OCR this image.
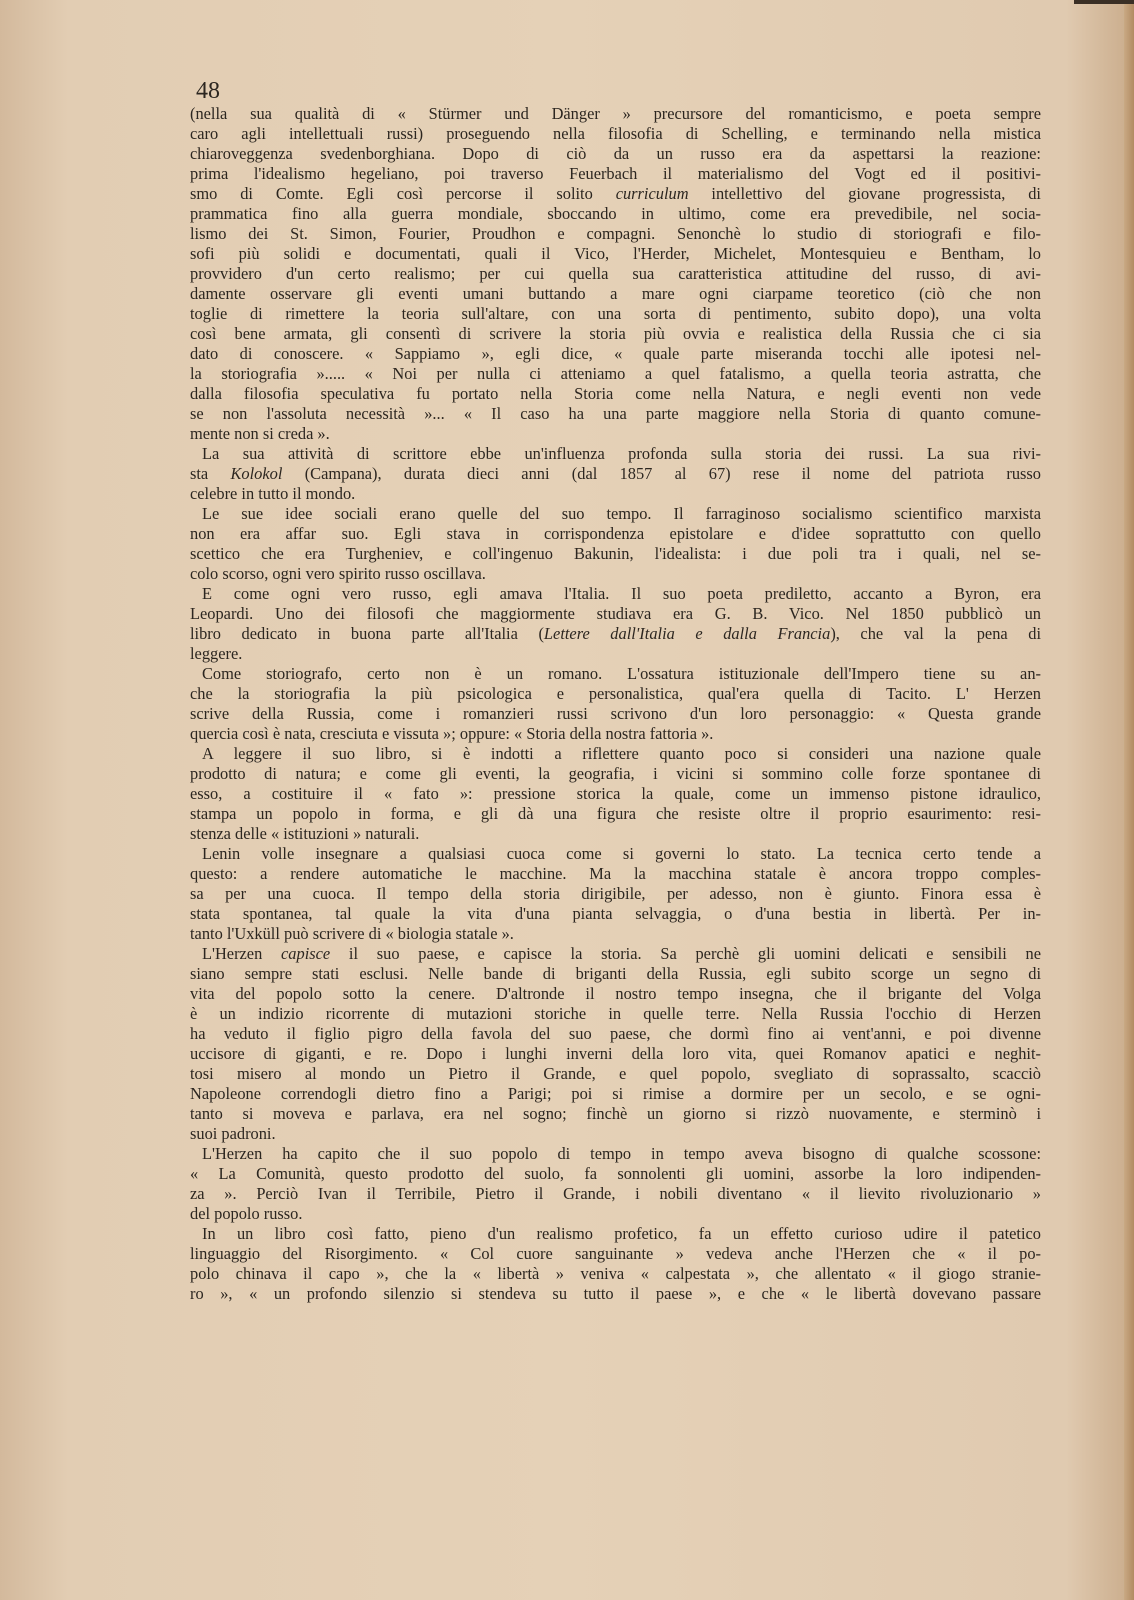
48
(nella sua qualità di « Stürmer und Dänger » precursore del romanticismo, e poeta sempre
caro agli intellettuali russi) proseguendo nella filosofia di Schelling, e terminando nella mistica
chiaroveggenza svedenborghiana. Dopo di ciò da un russo era da aspettarsi la reazione:
prima l'idealismo hegeliano, poi traverso Feuerbach il materialismo del Vogt ed il positivi-
smo di Comte. Egli così percorse il solito curriculum intellettivo del giovane progressista, di
prammatica fino alla guerra mondiale, sboccando in ultimo, come era prevedibile, nel socia-
lismo dei St. Simon, Fourier, Proudhon e compagni. Senonchè lo studio di storiografi e filo-
sofi più solidi e documentati, quali il Vico, l'Herder, Michelet, Montesquieu e Bentham, lo
provvidero d'un certo realismo; per cui quella sua caratteristica attitudine del russo, di avi-
damente osservare gli eventi umani buttando a mare ogni ciarpame teoretico (ciò che non
toglie di rimettere la teoria sull'altare, con una sorta di pentimento, subito dopo), una volta
così bene armata, gli consentì di scrivere la storia più ovvia e realistica della Russia che ci sia
dato di conoscere. « Sappiamo », egli dice, « quale parte miseranda tocchi alle ipotesi nel-
la storiografia »..... « Noi per nulla ci atteniamo a quel fatalismo, a quella teoria astratta, che
dalla filosofia speculativa fu portato nella Storia come nella Natura, e negli eventi non vede
se non l'assoluta necessità »... « Il caso ha una parte maggiore nella Storia di quanto comune-
mente non si creda ».
La sua attività di scrittore ebbe un'influenza profonda sulla storia dei russi. La sua rivi-
sta Kolokol (Campana), durata dieci anni (dal 1857 al 67) rese il nome del patriota russo
celebre in tutto il mondo.
Le sue idee sociali erano quelle del suo tempo. Il farraginoso socialismo scientifico marxista
non era affar suo. Egli stava in corrispondenza epistolare e d'idee soprattutto con quello
scettico che era Turgheniev, e coll'ingenuo Bakunin, l'idealista: i due poli tra i quali, nel se-
colo scorso, ogni vero spirito russo oscillava.
E come ogni vero russo, egli amava l'Italia. Il suo poeta prediletto, accanto a Byron, era
Leopardi. Uno dei filosofi che maggiormente studiava era G. B. Vico. Nel 1850 pubblicò un
libro dedicato in buona parte all'Italia (Lettere dall'Italia e dalla Francia), che val la pena di
leggere.
Come storiografo, certo non è un romano. L'ossatura istituzionale dell'Impero tiene su an-
che la storiografia la più psicologica e personalistica, qual'era quella di Tacito. L' Herzen
scrive della Russia, come i romanzieri russi scrivono d'un loro personaggio: « Questa grande
quercia così è nata, cresciuta e vissuta »; oppure: « Storia della nostra fattoria ».
A leggere il suo libro, si è indotti a riflettere quanto poco si consideri una nazione quale
prodotto di natura; e come gli eventi, la geografia, i vicini si sommino colle forze spontanee di
esso, a costituire il « fato »: pressione storica la quale, come un immenso pistone idraulico,
stampa un popolo in forma, e gli dà una figura che resiste oltre il proprio esaurimento: resi-
stenza delle « istituzioni » naturali.
Lenin volle insegnare a qualsiasi cuoca come si governi lo stato. La tecnica certo tende a
questo: a rendere automatiche le macchine. Ma la macchina statale è ancora troppo comples-
sa per una cuoca. Il tempo della storia dirigibile, per adesso, non è giunto. Finora essa è
stata spontanea, tal quale la vita d'una pianta selvaggia, o d'una bestia in libertà. Per in-
tanto l'Uxküll può scrivere di « biologia statale ».
L'Herzen capisce il suo paese, e capisce la storia. Sa perchè gli uomini delicati e sensibili ne
siano sempre stati esclusi. Nelle bande di briganti della Russia, egli subito scorge un segno di
vita del popolo sotto la cenere. D'altronde il nostro tempo insegna, che il brigante del Volga
è un indizio ricorrente di mutazioni storiche in quelle terre. Nella Russia l'occhio di Herzen
ha veduto il figlio pigro della favola del suo paese, che dormì fino ai vent'anni, e poi divenne
uccisore di giganti, e re. Dopo i lunghi inverni della loro vita, quei Romanov apatici e neghit-
tosi misero al mondo un Pietro il Grande, e quel popolo, svegliato di soprassalto, scacciò
Napoleone correndogli dietro fino a Parigi; poi si rimise a dormire per un secolo, e se ogni-
tanto si moveva e parlava, era nel sogno; finchè un giorno si rizzò nuovamente, e sterminò i
suoi padroni.
L'Herzen ha capito che il suo popolo di tempo in tempo aveva bisogno di qualche scossone:
« La Comunità, questo prodotto del suolo, fa sonnolenti gli uomini, assorbe la loro indipenden-
za ». Perciò Ivan il Terribile, Pietro il Grande, i nobili diventano « il lievito rivoluzionario »
del popolo russo.
In un libro così fatto, pieno d'un realismo profetico, fa un effetto curioso udire il patetico
linguaggio del Risorgimento. « Col cuore sanguinante » vedeva anche l'Herzen che « il po-
polo chinava il capo », che la « libertà » veniva « calpestata », che allentato « il giogo stranie-
ro », « un profondo silenzio si stendeva su tutto il paese », e che « le libertà dovevano passare
